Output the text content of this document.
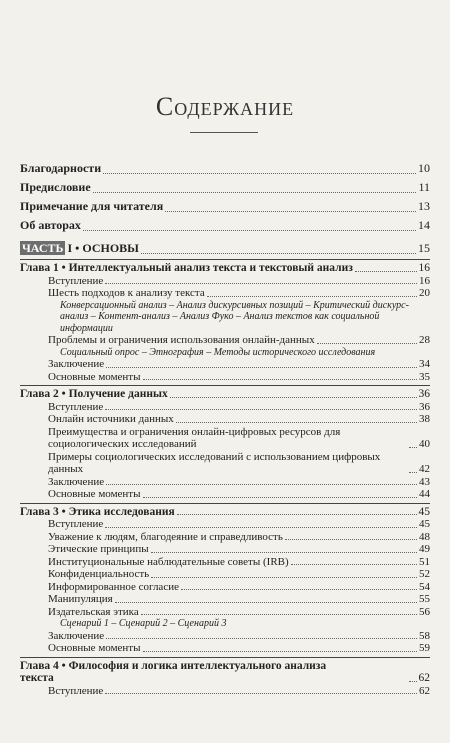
Содержание
Благодарности	10
Предисловие	11
Примечание для читателя	13
Об авторах	14
ЧАСТЬ I • ОСНОВЫ	15
Глава 1 • Интеллектуальный анализ текста и текстовый анализ	16
Вступление	16
Шесть подходов к анализу текста	20
Конверсационный анализ – Анализ дискурсивных позиций – Критический дискурс-анализ – Контент-анализ – Анализ Фуко – Анализ текстов как социальной информации
Проблемы и ограничения использования онлайн-данных	28
Социальный опрос – Этнография – Методы исторического исследования
Заключение	34
Основные моменты	35
Глава 2 • Получение данных	36
Вступление	36
Онлайн источники данных	38
Преимущества и ограничения онлайн-цифровых ресурсов для социологических исследований	40
Примеры социологических исследований с использованием цифровых данных	42
Заключение	43
Основные моменты	44
Глава 3 • Этика исследования	45
Вступление	45
Уважение к людям, благодеяние и справедливость	48
Этические принципы	49
Институциональные наблюдательные советы (IRB)	51
Конфиденциальность	52
Информированное согласие	54
Манипуляция	55
Издательская этика	56
Сценарий 1 – Сценарий 2 – Сценарий 3
Заключение	58
Основные моменты	59
Глава 4 • Философия и логика интеллектуального анализа текста	62
Вступление	62
